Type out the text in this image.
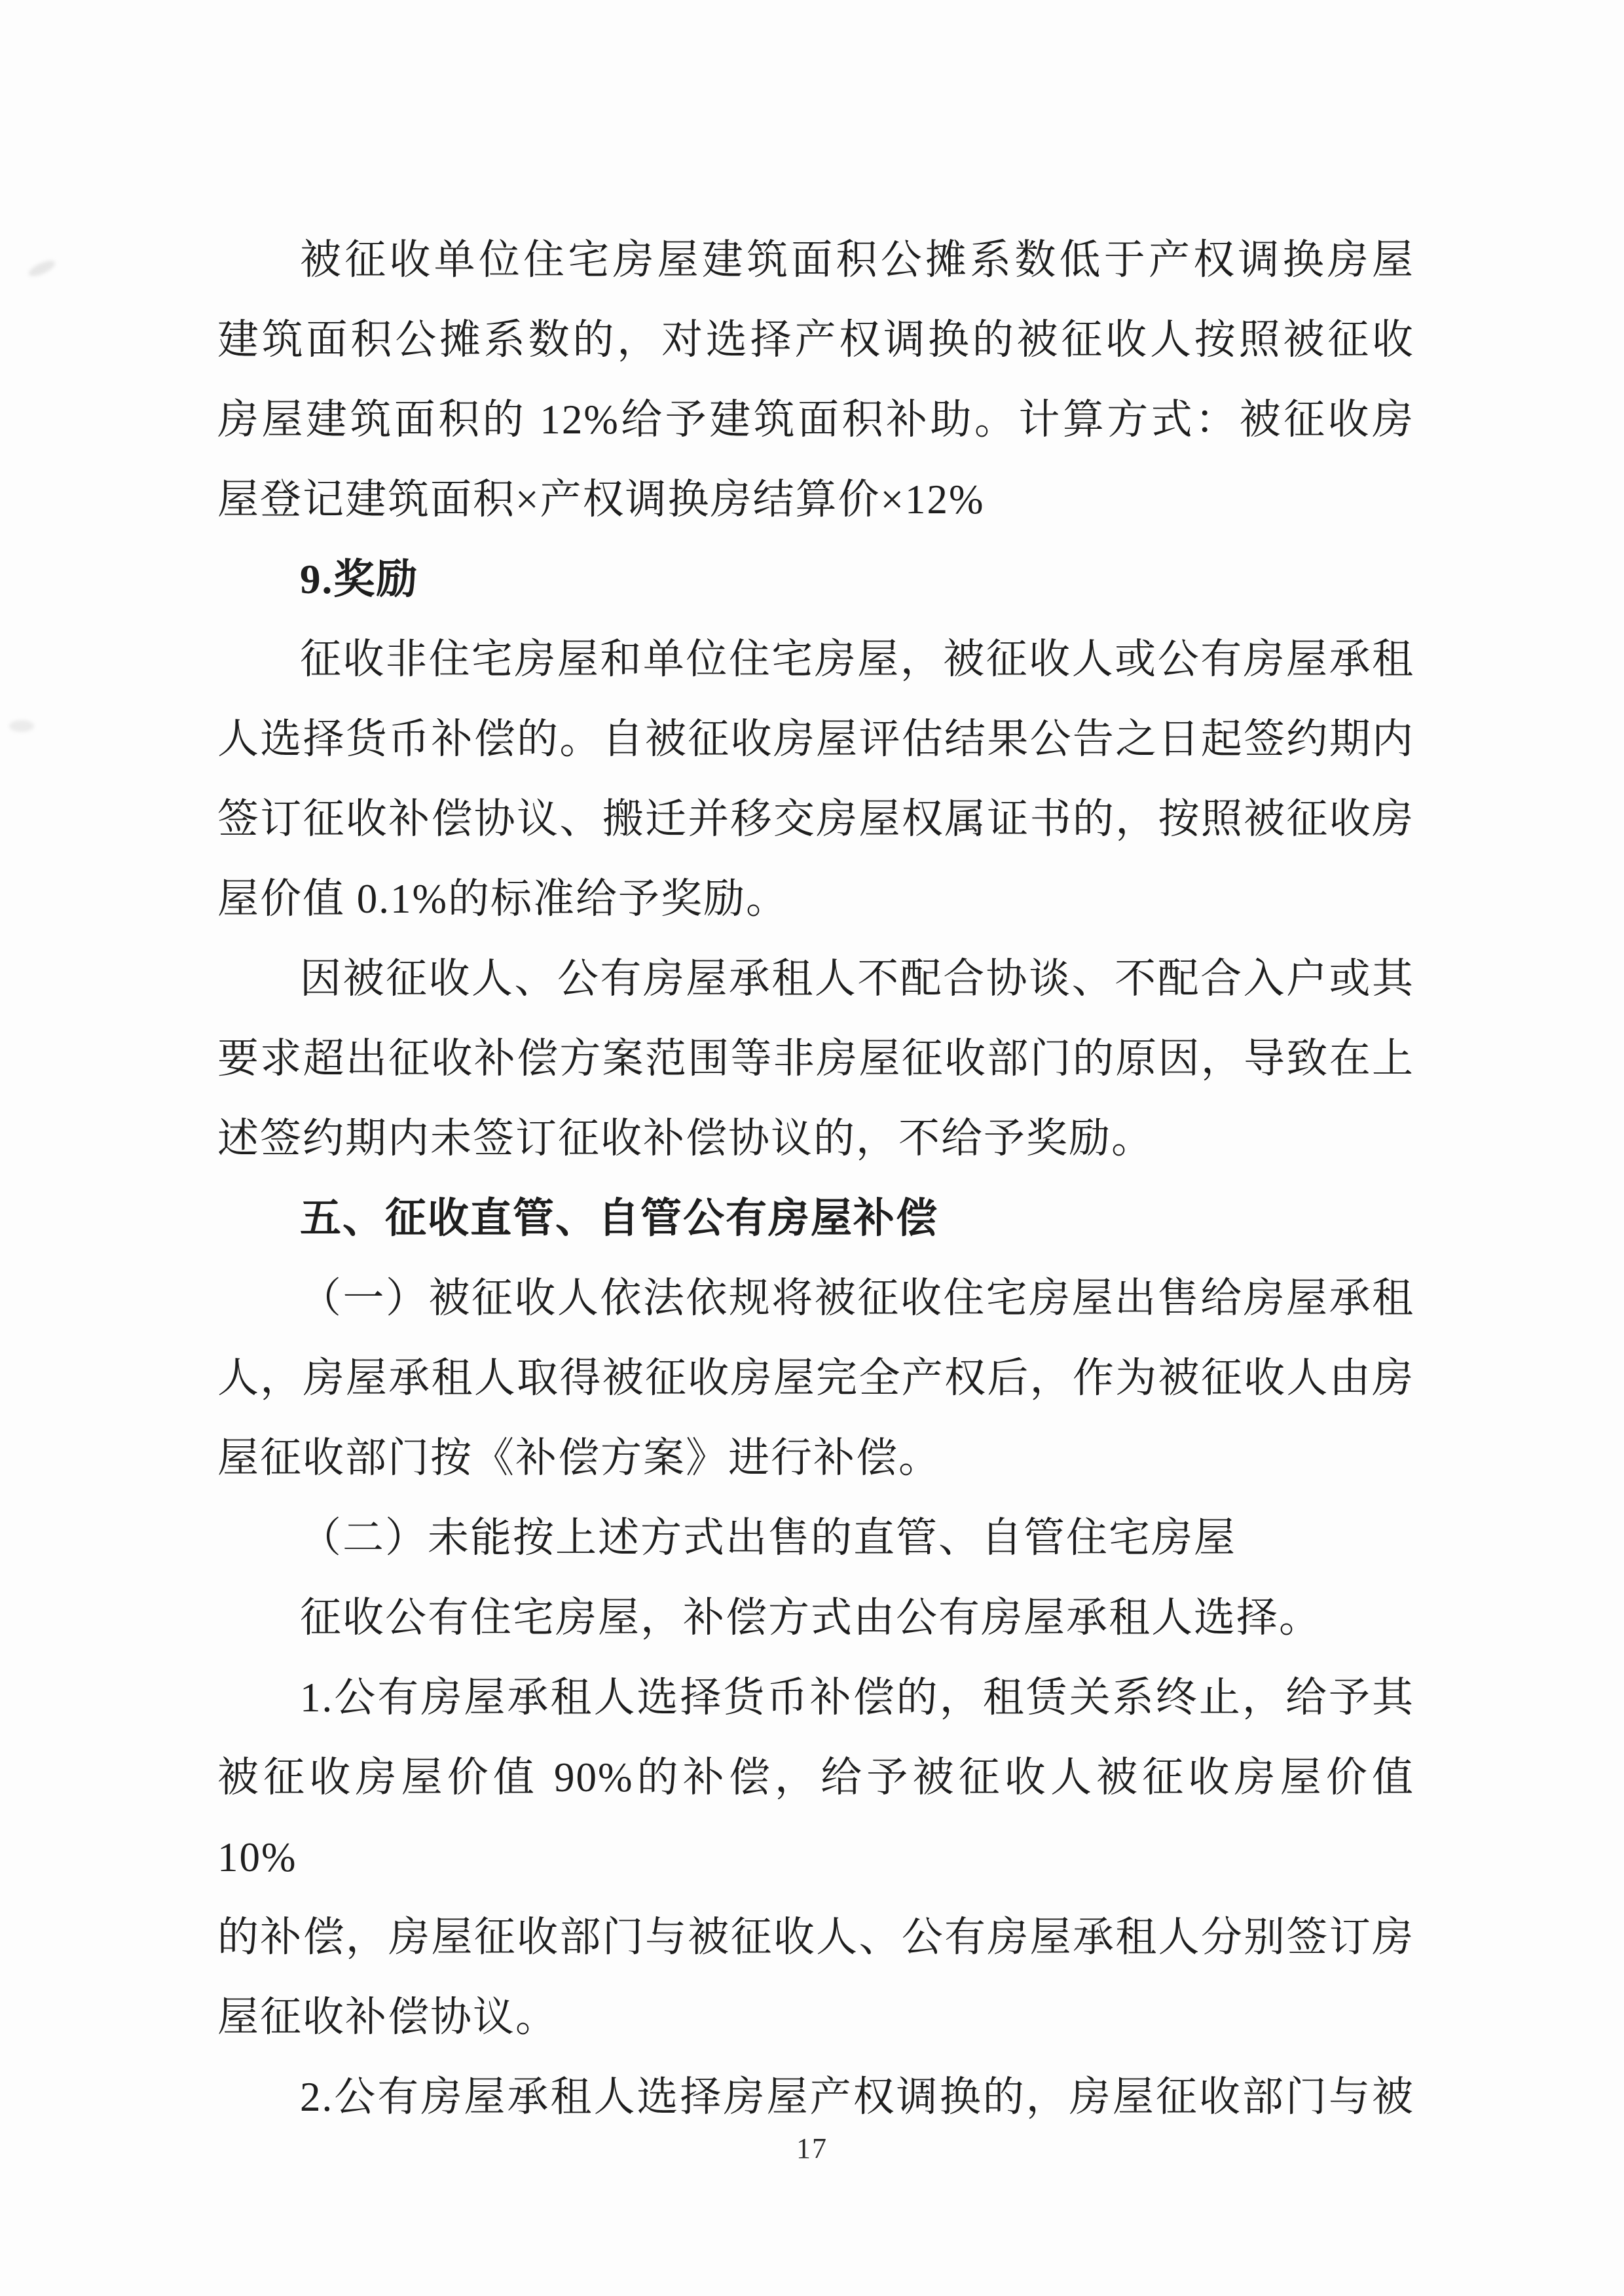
被征收单位住宅房屋建筑面积公摊系数低于产权调换房屋

建筑面积公摊系数的，对选择产权调换的被征收人按照被征收

房屋建筑面积的 12%给予建筑面积补助。计算方式：被征收房

屋登记建筑面积×产权调换房结算价×12%

9.奖励

征收非住宅房屋和单位住宅房屋，被征收人或公有房屋承租

人选择货币补偿的。自被征收房屋评估结果公告之日起签约期内

签订征收补偿协议、搬迁并移交房屋权属证书的，按照被征收房

屋价值 0.1%的标准给予奖励。

因被征收人、公有房屋承租人不配合协谈、不配合入户或其

要求超出征收补偿方案范围等非房屋征收部门的原因，导致在上

述签约期内未签订征收补偿协议的，不给予奖励。

五、征收直管、自管公有房屋补偿

（一）被征收人依法依规将被征收住宅房屋出售给房屋承租

人，房屋承租人取得被征收房屋完全产权后，作为被征收人由房

屋征收部门按《补偿方案》进行补偿。

（二）未能按上述方式出售的直管、自管住宅房屋

征收公有住宅房屋，补偿方式由公有房屋承租人选择。

1.公有房屋承租人选择货币补偿的，租赁关系终止，给予其

被征收房屋价值 90%的补偿，给予被征收人被征收房屋价值 10%

的补偿，房屋征收部门与被征收人、公有房屋承租人分别签订房

屋征收补偿协议。

2.公有房屋承租人选择房屋产权调换的，房屋征收部门与被

17
